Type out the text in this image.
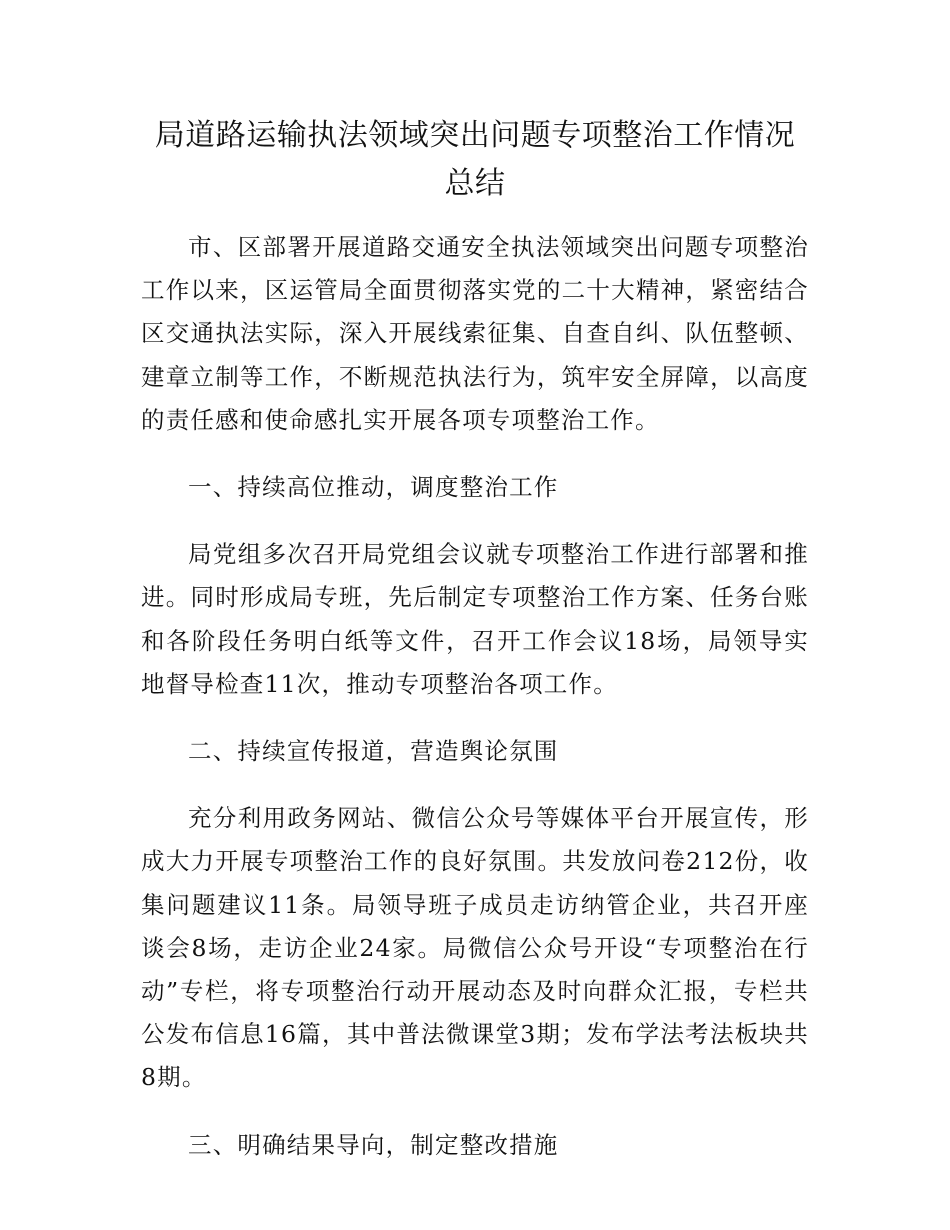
局道路运输执法领域突出问题专项整治工作情况总结

市、区部署开展道路交通安全执法领域突出问题专项整治工作以来，区运管局全面贯彻落实党的二十大精神，紧密结合区交通执法实际，深入开展线索征集、自查自纠、队伍整顿、建章立制等工作，不断规范执法行为，筑牢安全屏障，以高度的责任感和使命感扎实开展各项专项整治工作。

一、持续高位推动，调度整治工作

局党组多次召开局党组会议就专项整治工作进行部署和推进。同时形成局专班，先后制定专项整治工作方案、任务台账和各阶段任务明白纸等文件，召开工作会议18场，局领导实地督导检查11次，推动专项整治各项工作。

二、持续宣传报道，营造舆论氛围

充分利用政务网站、微信公众号等媒体平台开展宣传，形成大力开展专项整治工作的良好氛围。共发放问卷212份，收集问题建议11条。局领导班子成员走访纳管企业，共召开座谈会8场，走访企业24家。局微信公众号开设“专项整治在行动”专栏，将专项整治行动开展动态及时向群众汇报，专栏共公发布信息16篇，其中普法微课堂3期；发布学法考法板块共8期。

三、明确结果导向，制定整改措施
